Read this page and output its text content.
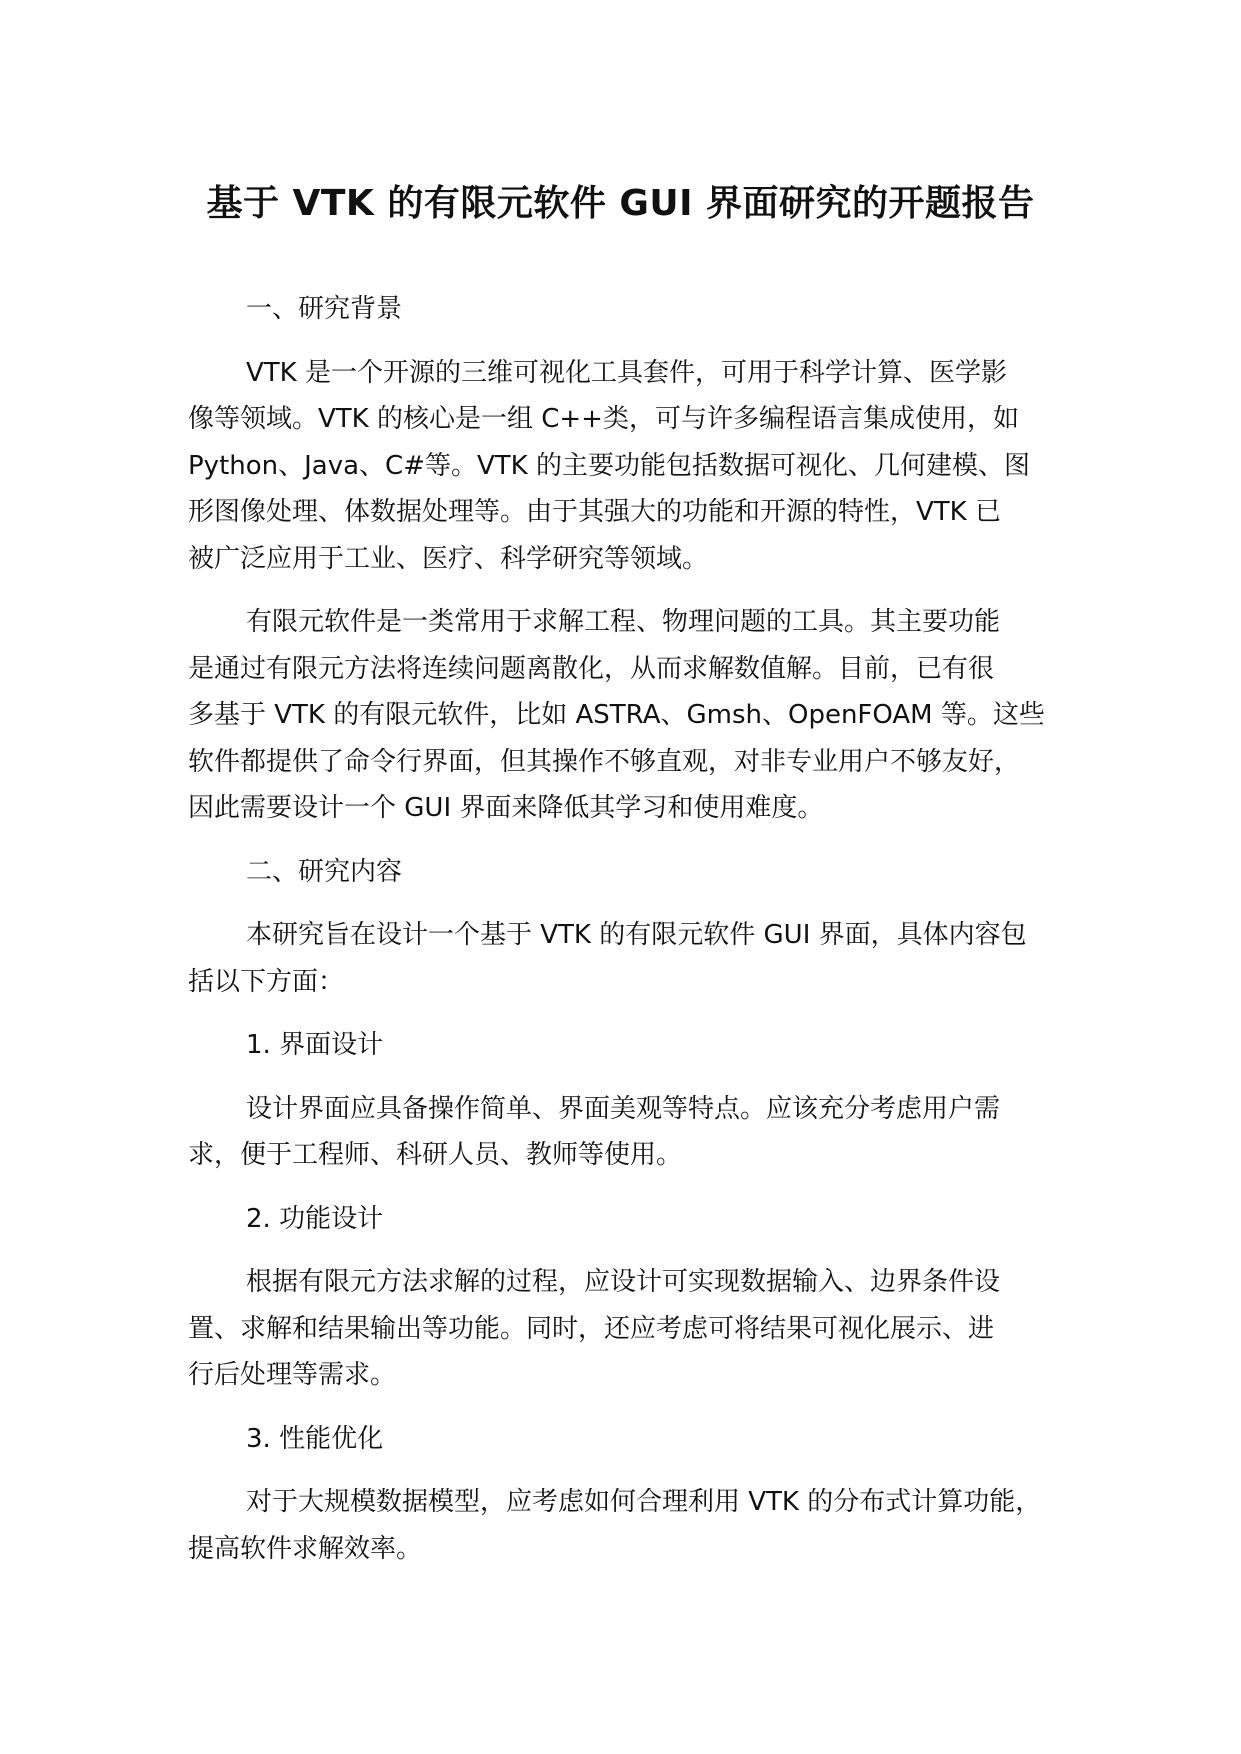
基于 VTK 的有限元软件 GUI 界面研究的开题报告
一、研究背景
VTK 是一个开源的三维可视化工具套件，可用于科学计算、医学影
像等领域。VTK 的核心是一组 C++类，可与许多编程语言集成使用，如
Python、Java、C#等。VTK 的主要功能包括数据可视化、几何建模、图
形图像处理、体数据处理等。由于其强大的功能和开源的特性，VTK 已
被广泛应用于工业、医疗、科学研究等领域。
有限元软件是一类常用于求解工程、物理问题的工具。其主要功能
是通过有限元方法将连续问题离散化，从而求解数值解。目前，已有很
多基于 VTK 的有限元软件，比如 ASTRA、Gmsh、OpenFOAM 等。这些
软件都提供了命令行界面，但其操作不够直观，对非专业用户不够友好，
因此需要设计一个 GUI 界面来降低其学习和使用难度。
二、研究内容
本研究旨在设计一个基于 VTK 的有限元软件 GUI 界面，具体内容包
括以下方面：
1. 界面设计
设计界面应具备操作简单、界面美观等特点。应该充分考虑用户需
求，便于工程师、科研人员、教师等使用。
2. 功能设计
根据有限元方法求解的过程，应设计可实现数据输入、边界条件设
置、求解和结果输出等功能。同时，还应考虑可将结果可视化展示、进
行后处理等需求。
3. 性能优化
对于大规模数据模型，应考虑如何合理利用 VTK 的分布式计算功能，
提高软件求解效率。
